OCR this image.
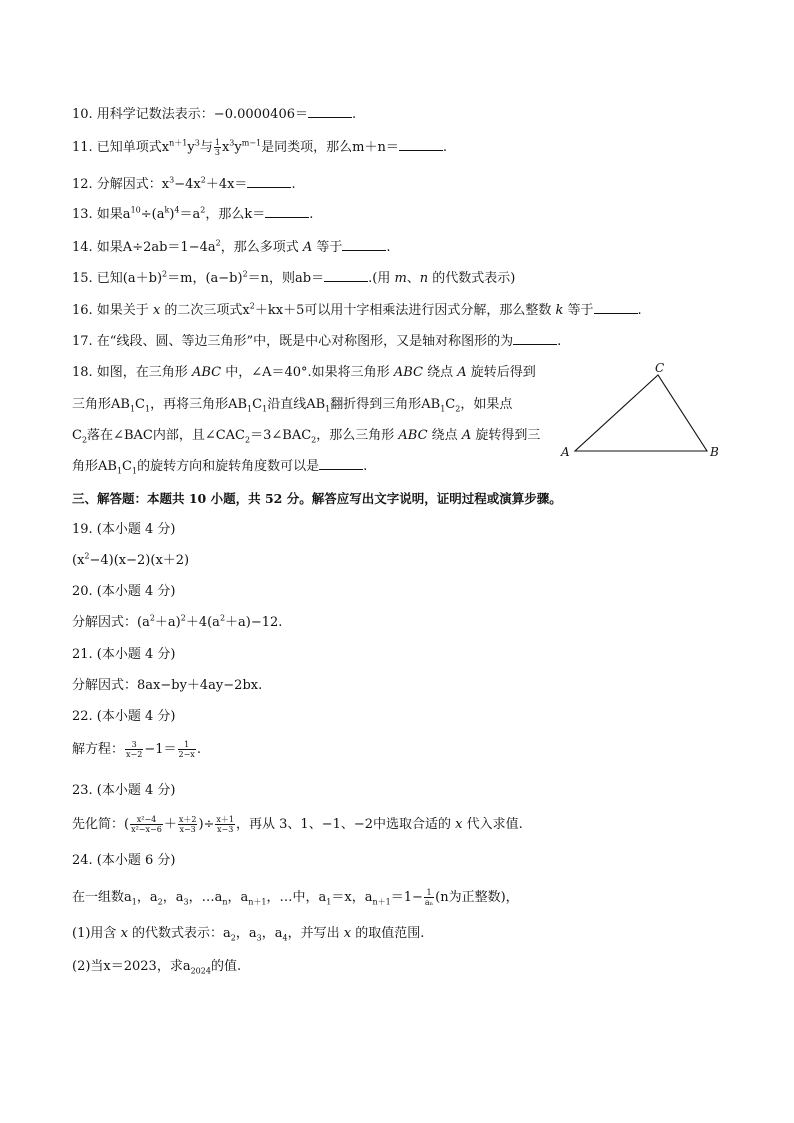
10. 用科学记数法表示：−0.0000406＝	.
11. 已知单项式$x^{n+1}y^3$与 $\frac{1}{3} x^3y^{m-1}$是同类项，那么m＋n＝	.
12. 分解因式：$x^3-4x^2+4x=$	.
13. 如果$a^{10}\div(a^k)^4=a^2$，那么k＝	.
14. 如果$A\div 2ab=1-4a^2$，那么多项式 A 等于	.
15. 已知$(a+b)^2=m$，$(a-b)^2=n$，则ab＝	.(用 m、n 的代数式表示)
16. 如果关于 x 的二次三项式$x^2+kx+5$可以用十字相乘法进行因式分解，那么整数 k 等于	.
17. 在“线段、圆、等边三角形”中，既是中心对称图形，又是轴对称图形的为	.
18. 如图，在三角形 ABC 中，∠A＝40°.如果将三角形 ABC 绕点 A 旋转后得到
三角形$AB_1C_1$，再将三角形$AB_1C_1$沿直线$AB_1$翻折得到三角形$AB_1C_2$，如果点
$C_2$落在∠BAC内部，且$\angle CAC_2=3\angle BAC_2$，那么三角形 ABC 绕点 A 旋转得到三
角形$AB_1C_1$的旋转方向和旋转角度数可以是	.
A	B
C
三、解答题：本题共 10 小题，共 52 分。解答应写出文字说明，证明过程或演算步骤。
19. (本小题 4 分)
$(x^2-4)(x-2)(x+2)$
20. (本小题 4 分)
分解因式：$(a^2+a)^2+4(a^2+a)-12$.
21. (本小题 4 分)
分解因式：8ax−by＋4ay−2bx.
22. (本小题 4 分)
解方程： $\frac{3}{x-2} -1= \frac{1}{2-x}$ .
23. (本小题 4 分)
先化简：( $\frac{\text{x²−4}}{\text{x²−x−6}} + \frac{x+2}{x-3}$ )÷ $\frac{x+1}{x-3}$ ，再从 3、1、−1、−2中选取合适的 x 代入求值.
24. (本小题 6 分)
在一组数$a_1$，$a_2$，$a_3$，$\dots a_n$，$a_{n+1}$，…中，$a_1=x$，$a_{n+1}=1- \frac{1}{\text{aₙ}} (n$为正整数)，
(1)用含 x 的代数式表示：$a_2$，$a_3$，$a_4$，并写出 x 的取值范围.
(2)当x＝2023，求$a_{2024}$的值.
